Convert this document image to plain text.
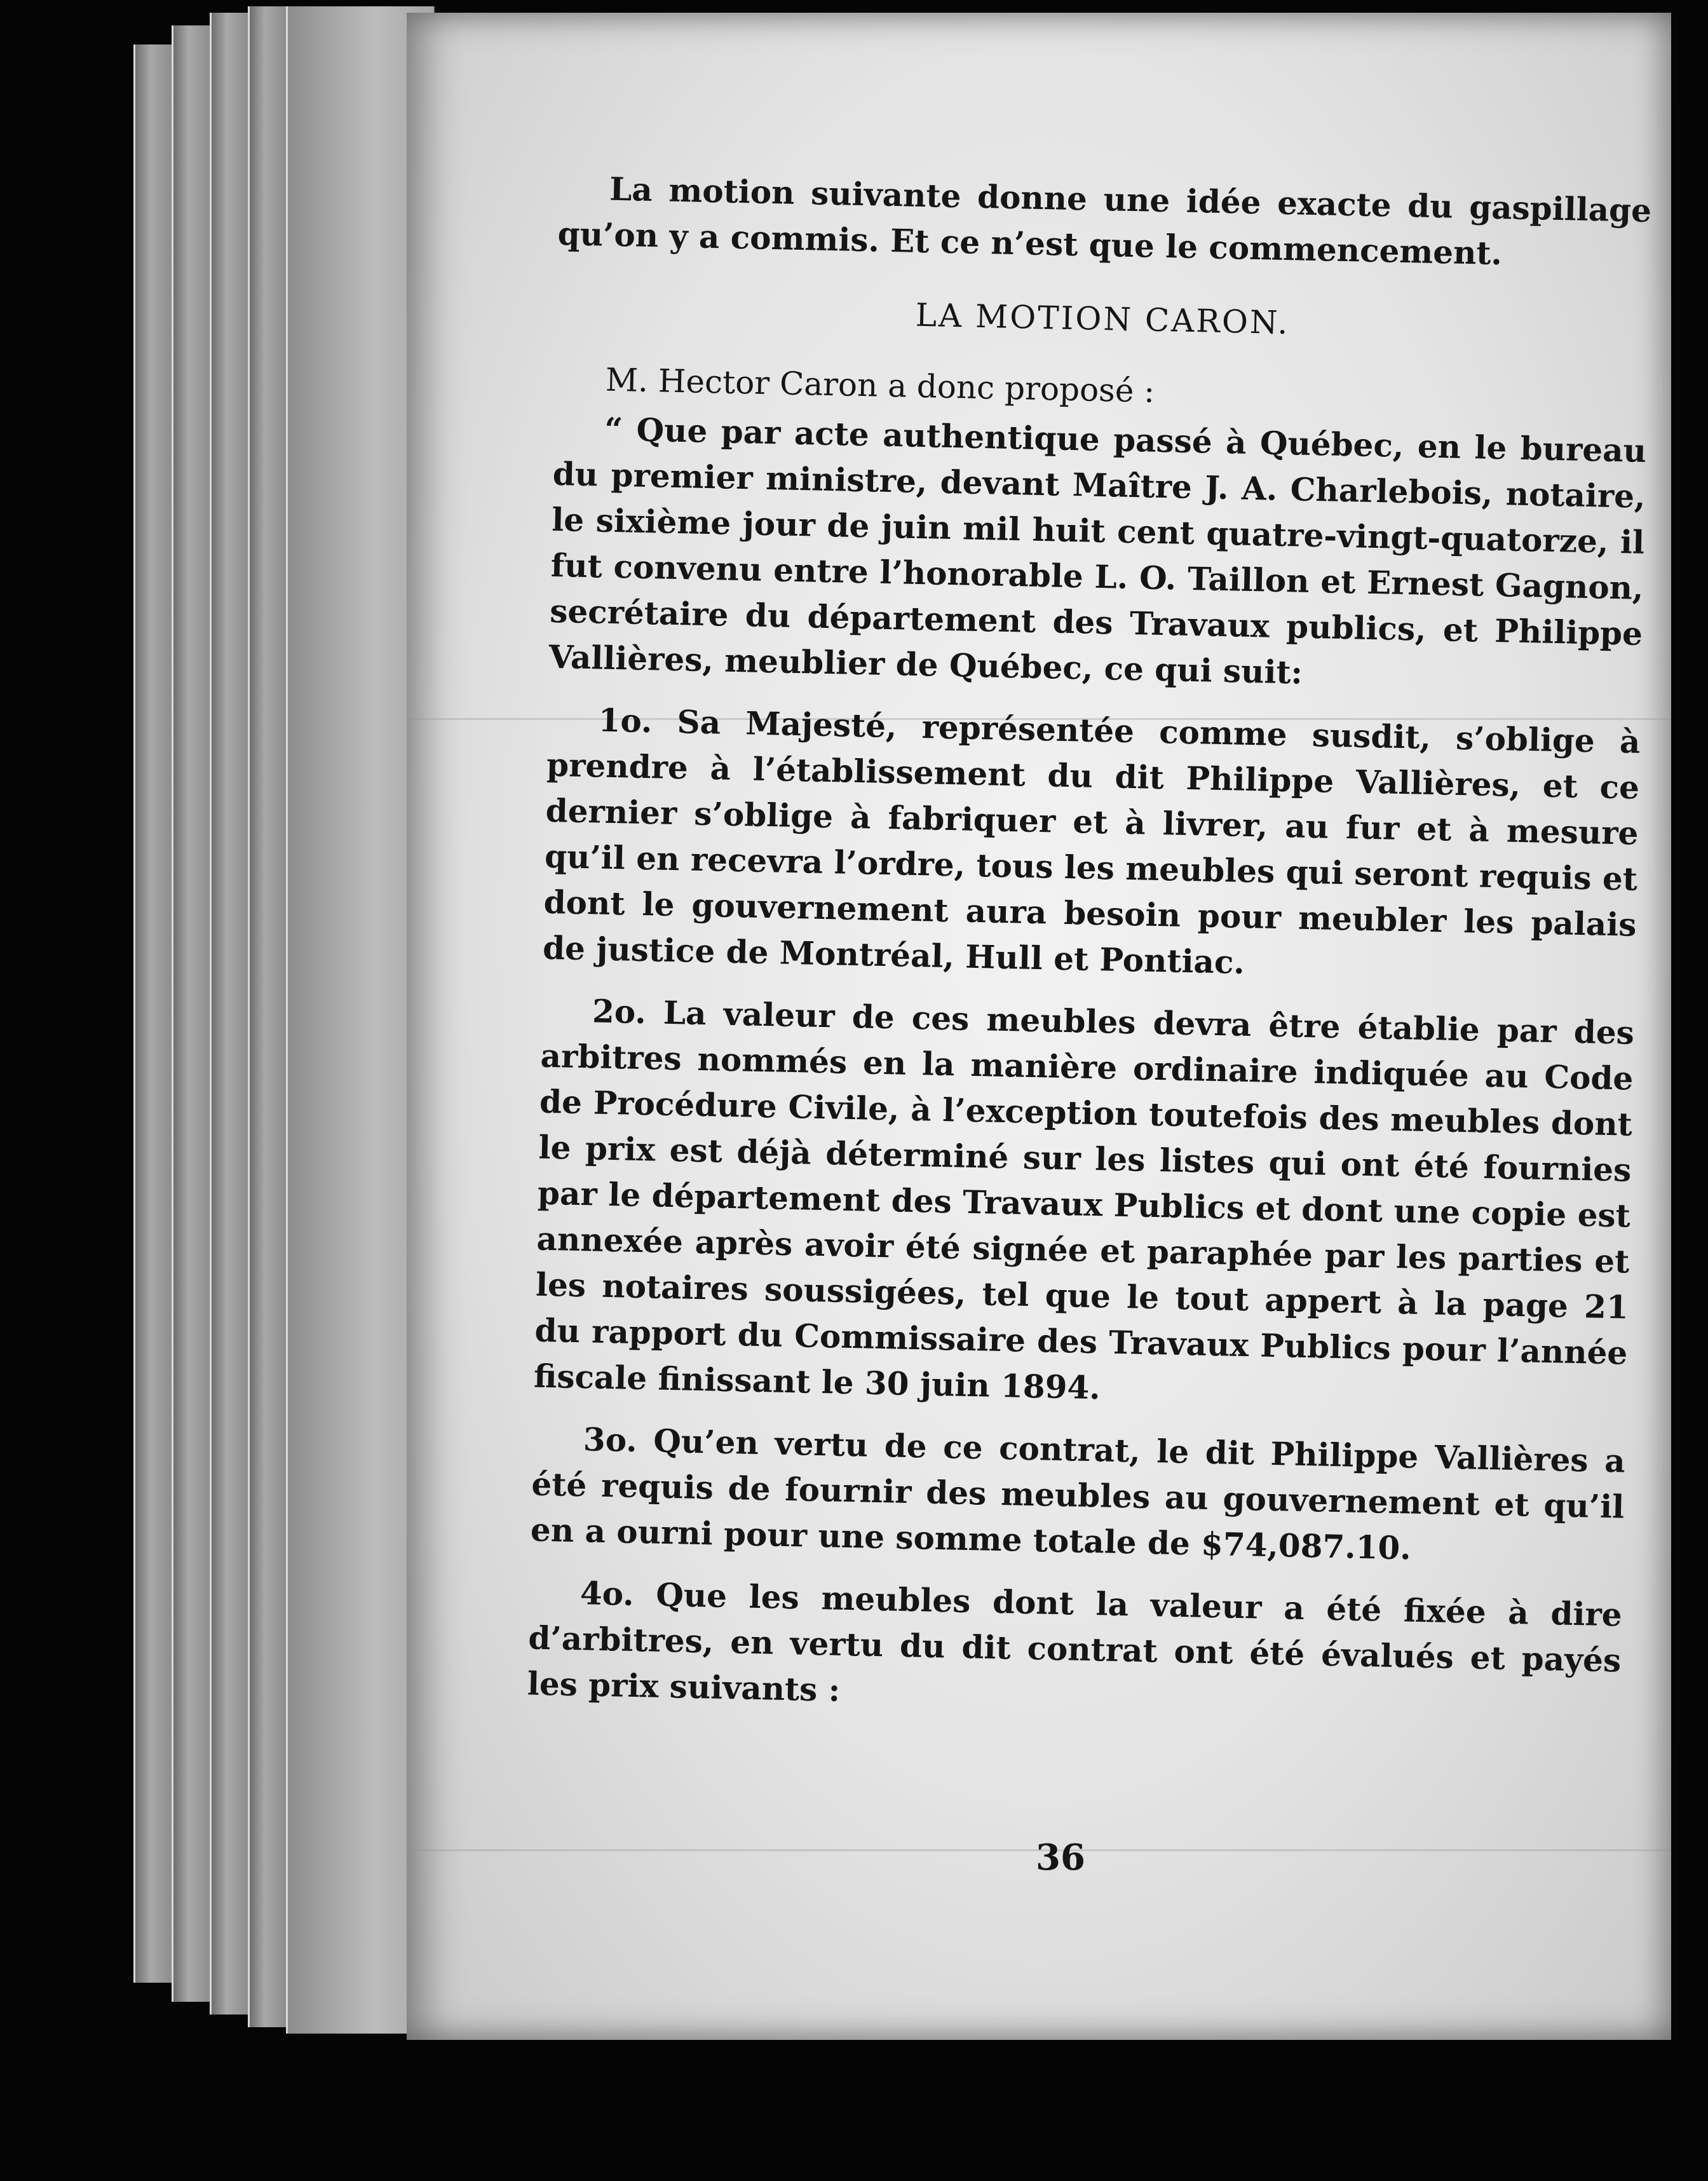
La motion suivante donne une idée exacte du gaspillage qu’on y a commis. Et ce n’est que le commencement.

LA MOTION CARON.

M. Hector Caron a donc proposé :

“ Que par acte authentique passé à Québec, en le bureau du premier ministre, devant Maître J. A. Charlebois, notaire, le sixième jour de juin mil huit cent quatre-vingt-quatorze, il fut convenu entre l’honorable L. O. Taillon et Ernest Gagnon, secrétaire du département des Travaux publics, et Philippe Vallières, meublier de Québec, ce qui suit:

1o. Sa Majesté, représentée comme susdit, s’oblige à prendre à l’établissement du dit Philippe Vallières, et ce dernier s’oblige à fabriquer et à livrer, au fur et à mesure qu’il en recevra l’ordre, tous les meubles qui seront requis et dont le gouvernement aura besoin pour meubler les palais de justice de Montréal, Hull et Pontiac.

2o. La valeur de ces meubles devra être établie par des arbitres nommés en la manière ordinaire indiquée au Code de Procédure Civile, à l’exception toutefois des meubles dont le prix est déjà déterminé sur les listes qui ont été fournies par le département des Travaux Publics et dont une copie est annexée après avoir été signée et paraphée par les parties et les notaires soussigées, tel que le tout appert à la page 21 du rapport du Commissaire des Travaux Publics pour l’année fiscale finissant le 30 juin 1894.

3o. Qu’en vertu de ce contrat, le dit Philippe Vallières a été requis de fournir des meubles au gouvernement et qu’il en a ourni pour une somme totale de $74,087.10.

4o. Que les meubles dont la valeur a été fixée à dire d’arbitres, en vertu du dit contrat ont été évalués et payés les prix suivants :

36
